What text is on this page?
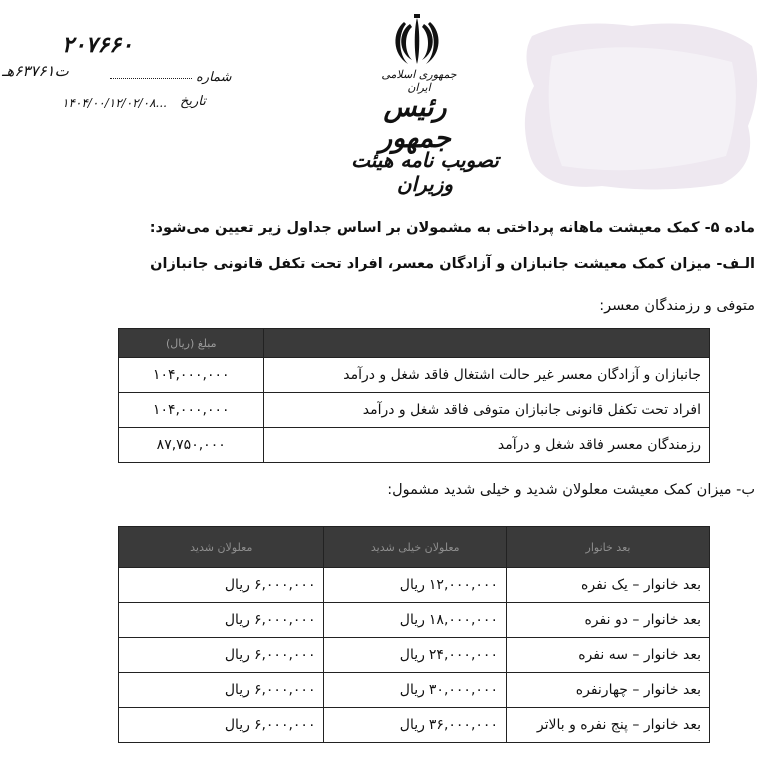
۲۰۷۶۶۰
ت۶۳۷۶۱هـ	شماره
۱۴۰۴/۰۰/۱۲/۰۲/۰۸... تاریخ
جمهوری اسلامی ایران
رئیس جمهور
تصویب نامه هیئت وزیران
ماده ۵- کمک معیشت ماهانه پرداختی به مشمولان بر اساس جداول زیر تعیین می‌شود:
الـف- میزان کمک معیشت جانبازان و آزادگان معسر، افراد تحت تکفل قانونی جانبازان
متوفی و رزمندگان معسر:
	مبلغ (ریال)
جانبازان و آزادگان معسر غیر حالت اشتغال فاقد شغل و درآمد	۱۰۴,۰۰۰,۰۰۰
افراد تحت تکفل قانونی جانبازان متوفی فاقد شغل و درآمد	۱۰۴,۰۰۰,۰۰۰
رزمندگان معسر فاقد شغل و درآمد	۸۷,۷۵۰,۰۰۰
ب- میزان کمک معیشت معلولان شدید و خیلی شدید مشمول:
بعد خانوار	معلولان خیلی شدید	معلولان شدید
بعد خانوار – یک نفره	۱۲,۰۰۰,۰۰۰ریال	۶,۰۰۰,۰۰۰ریال
بعد خانوار – دو نفره	۱۸,۰۰۰,۰۰۰ریال	۶,۰۰۰,۰۰۰ریال
بعد خانوار – سه نفره	۲۴,۰۰۰,۰۰۰ریال	۶,۰۰۰,۰۰۰ریال
بعد خانوار – چهارنفره	۳۰,۰۰۰,۰۰۰ریال	۶,۰۰۰,۰۰۰ریال
بعد خانوار – پنج نفره و بالاتر	۳۶,۰۰۰,۰۰۰ریال	۶,۰۰۰,۰۰۰ریال
